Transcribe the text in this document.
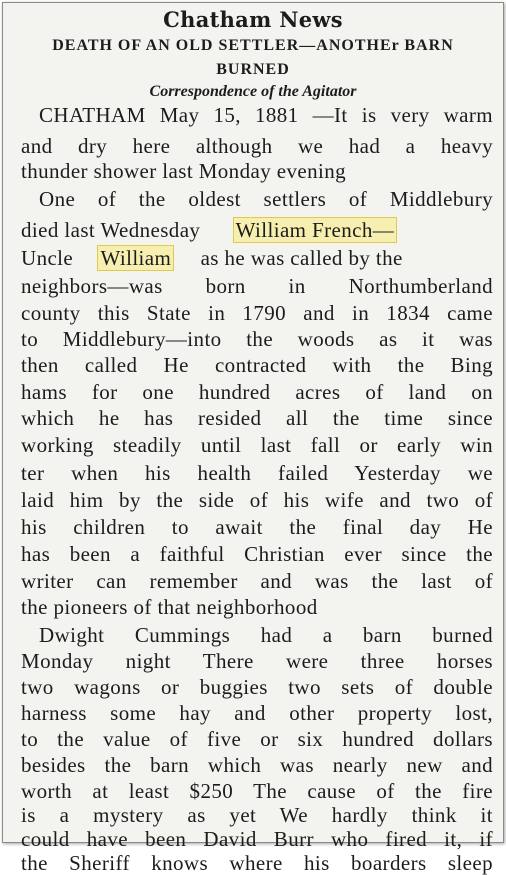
Chatham News
DEATH OF AN OLD SETTLER—ANOTHEr BARN
BURNED
Correspondence of the Agitator
CHATHAM May 15, 1881 —It is very warm
and dry here although we had a heavy
thunder shower last Monday evening
One of the oldest settlers of Middlebury
died last Wednesday William French—
Uncle William as he was called by the
neighbors—was born in Northumberland
county this State in 1790 and in 1834 came
to Middlebury—into the woods as it was
then called He contracted with the Bing
hams for one hundred acres of land on
which he has resided all the time since
working steadily until last fall or early win
ter when his health failed Yesterday we
laid him by the side of his wife and two of
his children to await the final day He
has been a faithful Christian ever since the
writer can remember and was the last of
the pioneers of that neighborhood
Dwight Cummings had a barn burned
Monday night There were three horses
two wagons or buggies two sets of double
harness some hay and other property lost,
to the value of five or six hundred dollars
besides the barn which was nearly new and
worth at least $250 The cause of the fire
is a mystery as yet We hardly think it
could have been David Burr who fired it, if
the Sheriff knows where his boarders sleep
